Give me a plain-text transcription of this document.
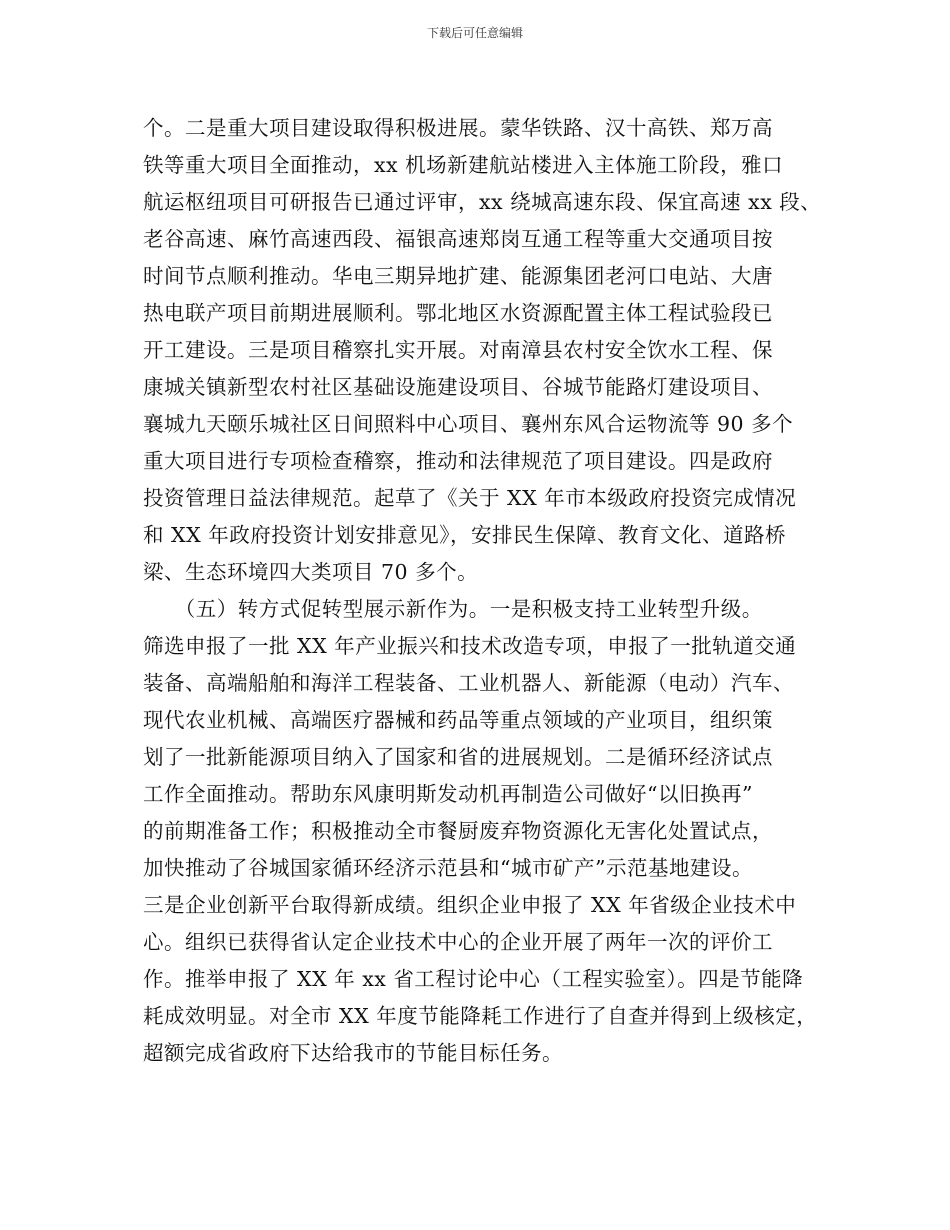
下载后可任意编辑
个。二是重大项目建设取得积极进展。蒙华铁路、汉十高铁、郑万高
铁等重大项目全面推动，xx 机场新建航站楼进入主体施工阶段，雅口
航运枢纽项目可研报告已通过评审，xx 绕城高速东段、保宜高速 xx 段、
老谷高速、麻竹高速西段、福银高速郑岗互通工程等重大交通项目按
时间节点顺利推动。华电三期异地扩建、能源集团老河口电站、大唐
热电联产项目前期进展顺利。鄂北地区水资源配置主体工程试验段已
开工建设。三是项目稽察扎实开展。对南漳县农村安全饮水工程、保
康城关镇新型农村社区基础设施建设项目、谷城节能路灯建设项目、
襄城九天颐乐城社区日间照料中心项目、襄州东风合运物流等 90 多个
重大项目进行专项检查稽察，推动和法律规范了项目建设。四是政府
投资管理日益法律规范。起草了《关于 XX 年市本级政府投资完成情况
和 XX 年政府投资计划安排意见》，安排民生保障、教育文化、道路桥
梁、生态环境四大类项目 70 多个。
　　（五）转方式促转型展示新作为。一是积极支持工业转型升级。
筛选申报了一批 XX 年产业振兴和技术改造专项，申报了一批轨道交通
装备、高端船舶和海洋工程装备、工业机器人、新能源（电动）汽车、
现代农业机械、高端医疗器械和药品等重点领域的产业项目，组织策
划了一批新能源项目纳入了国家和省的进展规划。二是循环经济试点
工作全面推动。帮助东风康明斯发动机再制造公司做好“以旧换再”
的前期准备工作；积极推动全市餐厨废弃物资源化无害化处置试点，
加快推动了谷城国家循环经济示范县和“城市矿产”示范基地建设。
三是企业创新平台取得新成绩。组织企业申报了 XX 年省级企业技术中
心。组织已获得省认定企业技术中心的企业开展了两年一次的评价工
作。推举申报了 XX 年 xx 省工程讨论中心（工程实验室）。四是节能降
耗成效明显。对全市 XX 年度节能降耗工作进行了自查并得到上级核定，
超额完成省政府下达给我市的节能目标任务。
